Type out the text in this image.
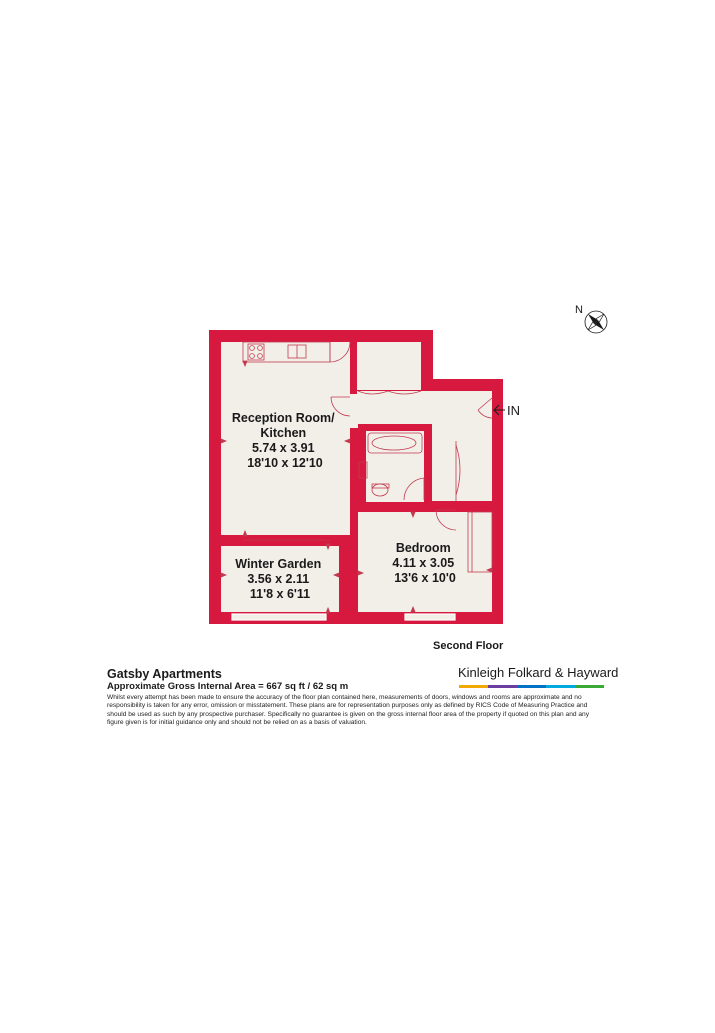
Reception Room/ Kitchen 5.74 x 3.91 18'10 x 12'10
Winter Garden 3.56 x 2.11 11'8 x 6'11
Bedroom 4.11 x 3.05 13'6 x 10'0
IN
N
Second Floor
Gatsby Apartments
Approximate Gross Internal Area = 667 sq ft / 62 sq m
Whilst every attempt has been made to ensure the accuracy of the floor plan contained here, measurements of doors, windows and rooms are approximate and no responsibility is taken for any error, omission or misstatement. These plans are for representation purposes only as defined by RICS Code of Measuring Practice and should be used as such by any prospective purchaser. Specifically no guarantee is given on the gross internal floor area of the property if quoted on this plan and any figure given is for initial guidance only and should not be relied on as a basis of valuation.
Kinleigh Folkard & Hayward
